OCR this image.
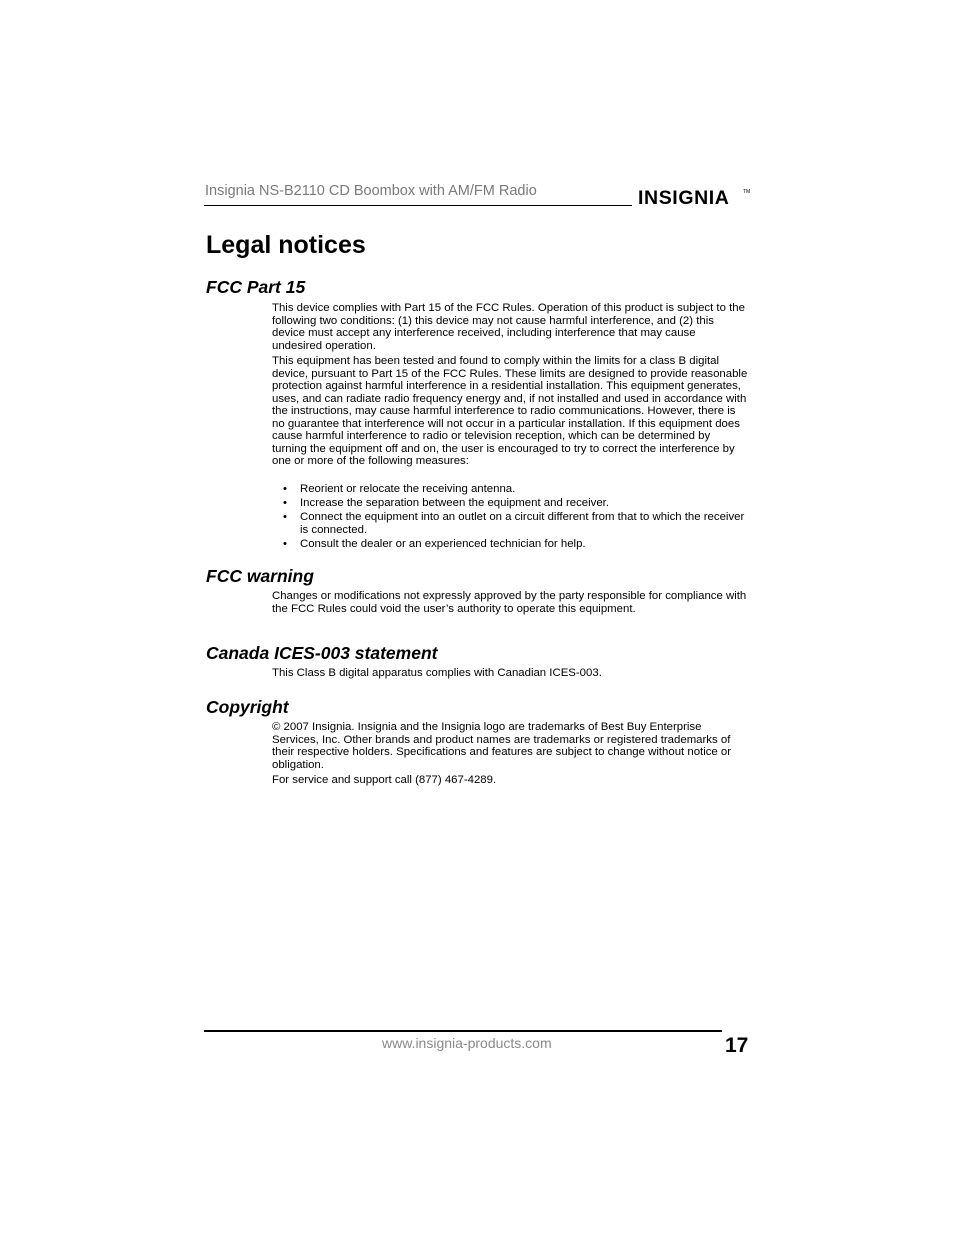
Insignia NS-B2110 CD Boombox with AM/FM Radio	INSIGNIA	TM
Legal notices
FCC Part 15

This device complies with Part 15 of the FCC Rules. Operation of this product is subject to the following two conditions: (1) this device may not cause harmful interference, and (2) this device must accept any interference received, including interference that may cause undesired operation.

This equipment has been tested and found to comply within the limits for a class B digital device, pursuant to Part 15 of the FCC Rules. These limits are designed to provide reasonable protection against harmful interference in a residential installation. This equipment generates, uses, and can radiate radio frequency energy and, if not installed and used in accordance with the instructions, may cause harmful interference to radio communications. However, there is no guarantee that interference will not occur in a particular installation. If this equipment does cause harmful interference to radio or television reception, which can be determined by turning the equipment off and on, the user is encouraged to try to correct the interference by one or more of the following measures:

• Reorient or relocate the receiving antenna.
• Increase the separation between the equipment and receiver.
• Connect the equipment into an outlet on a circuit different from that to which the receiver is connected.
• Consult the dealer or an experienced technician for help.
FCC warning

Changes or modifications not expressly approved by the party responsible for compliance with the FCC Rules could void the user’s authority to operate this equipment.

Canada ICES-003 statement

This Class B digital apparatus complies with Canadian ICES-003.

Copyright

© 2007 Insignia. Insignia and the Insignia logo are trademarks of Best Buy Enterprise Services, Inc. Other brands and product names are trademarks or registered trademarks of their respective holders. Specifications and features are subject to change without notice or obligation.

For service and support call (877) 467-4289.

www.insignia-products.com	17
